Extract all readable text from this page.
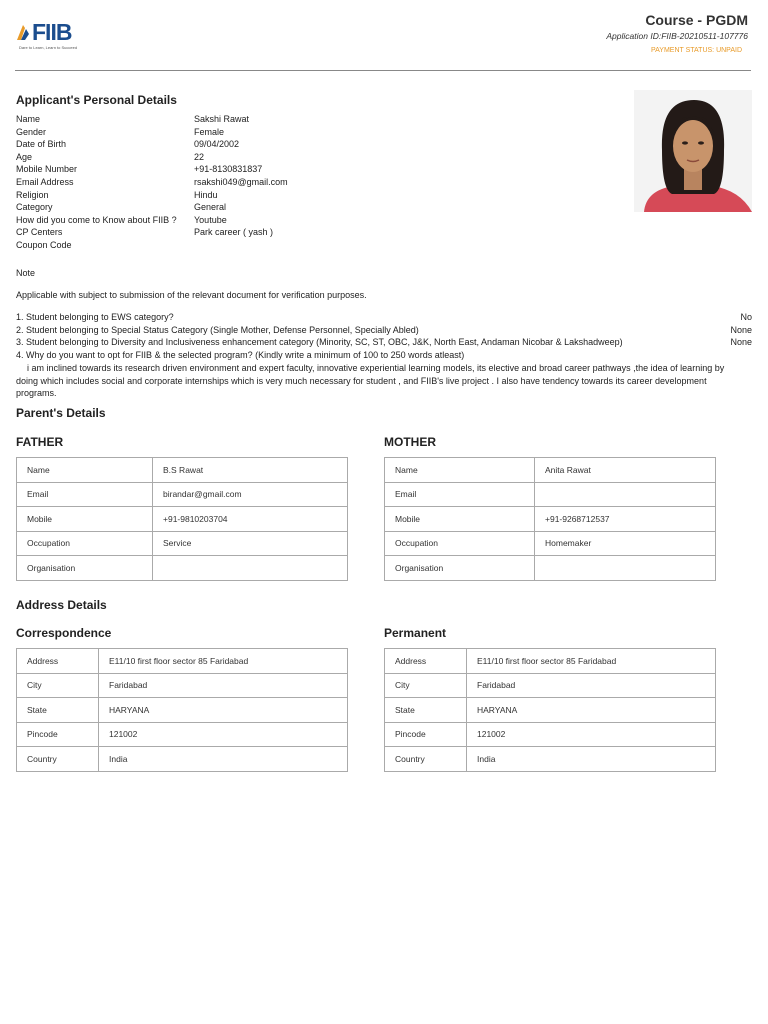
FIIB
Dare to Learn, Learn to Succeed
Course - PGDM
Application ID:FIIB-20210511-107776
PAYMENT STATUS: UNPAID
Applicant's Personal Details
Name	Sakshi Rawat
Gender	Female
Date of Birth	09/04/2002
Age	22
Mobile Number	+91-8130831837
Email Address	rsakshi049@gmail.com
Religion	Hindu
Category	General
How did you come to Know about FIIB ? Youtube
CP Centers	Park career ( yash )
Coupon Code
Note
Applicable with subject to submission of the relevant document for verification purposes.
1. Student belonging to EWS category?	No
2. Student belonging to Special Status Category (Single Mother, Defense Personnel, Specially Abled)	None
3. Student belonging to Diversity and Inclusiveness enhancement category (Minority, SC, ST, OBC, J&K, North East, Andaman Nicobar & Lakshadweep)	None
4. Why do you want to opt for FIIB & the selected program? (Kindly write a minimum of 100 to 250 words atleast)
i am inclined towards its research driven environment and expert faculty, innovative experiential learning models, its elective and broad career pathways ,the idea of learning by doing which includes social and corporate internships which is very much necessary for student , and FIIB's live project . I also have tendency towards its career development programs.
Parent's Details
FATHER	MOTHER
Name	B.S Rawat
Email	birandar@gmail.com
Mobile	+91-9810203704
Occupation	Service
Organisation	
Name	Anita Rawat
Email	
Mobile	+91-9268712537
Occupation	Homemaker
Organisation	
Address Details
Correspondence	Permanent
Address	E11/10 first floor sector 85 Faridabad
City	Faridabad
State	HARYANA
Pincode	121002
Country	India
Address	E11/10 first floor sector 85 Faridabad
City	Faridabad
State	HARYANA
Pincode	121002
Country	India
